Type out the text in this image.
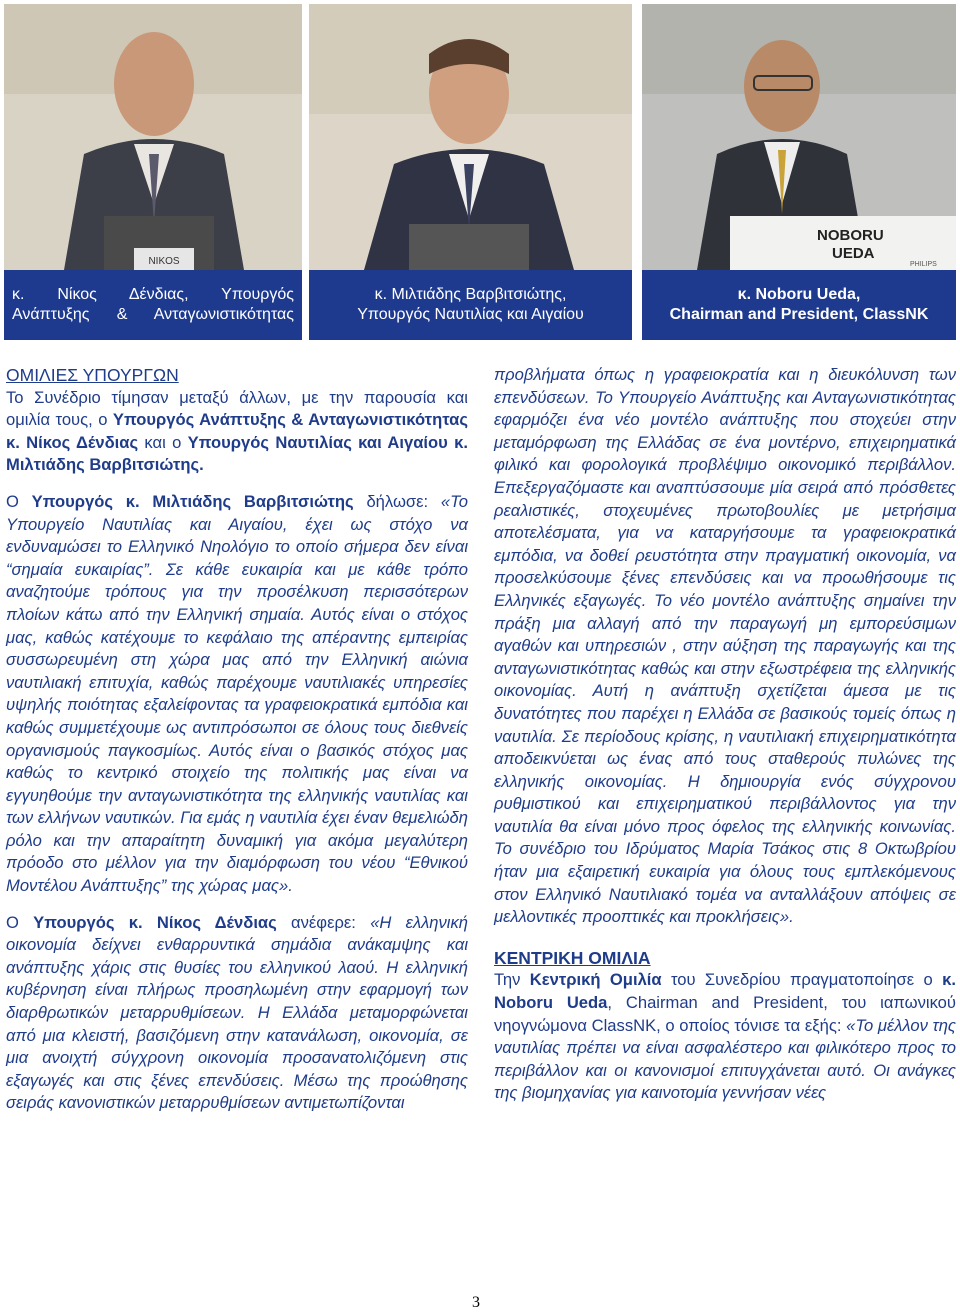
NIKOS
κ. Νίκος Δένδιας, Υπουργός
Ανάπτυξης & Ανταγωνιστικότητας
κ. Μιλτιάδης Βαρβιτσιώτης,
Υπουργός Ναυτιλίας και Αιγαίου
NOBORU
UEDA
PHILIPS
κ. Noboru Ueda,
Chairman and President, ClassNK

ΟΜΙΛΙΕΣ ΥΠΟΥΡΓΩΝ

Το Συνέδριο τίμησαν μεταξύ άλλων, με την παρουσία και ομιλία τους, ο Υπουργός Ανάπτυξης & Ανταγωνιστικότητας κ. Νίκος Δένδιας και ο Υπουργός Ναυτιλίας και Αιγαίου κ. Μιλτιάδης Βαρβιτσιώτης.

Ο Υπουργός κ. Μιλτιάδης Βαρβιτσιώτης δήλωσε: «Το Υπουργείο Ναυτιλίας και Αιγαίου, έχει ως στόχο να ενδυναμώσει το Ελληνικό Νηολόγιο το οποίο σήμερα δεν είναι “σημαία ευκαιρίας”. Σε κάθε ευκαιρία και με κάθε τρόπο αναζητούμε τρόπους για την προσέλκυση περισσότερων πλοίων κάτω από την Ελληνική σημαία. Αυτός είναι ο στόχος μας, καθώς κατέχουμε το κεφάλαιο της απέραντης εμπειρίας συσσωρευμένη στη χώρα μας από την Ελληνική αιώνια ναυτιλιακή επιτυχία, καθώς παρέχουμε ναυτιλιακές υπηρεσίες υψηλής ποιότητας εξαλείφοντας τα γραφειοκρατικά εμπόδια και καθώς συμμετέχουμε ως αντιπρόσωποι σε όλους τους διεθνείς οργανισμούς παγκοσμίως. Αυτός είναι ο βασικός στόχος μας καθώς το κεντρικό στοιχείο της πολιτικής μας είναι να εγγυηθούμε την ανταγωνιστικότητα της ελληνικής ναυτιλίας και των ελλήνων ναυτικών. Για εμάς η ναυτιλία έχει έναν θεμελιώδη ρόλο και την απαραίτητη δυναμική για ακόμα μεγαλύτερη πρόοδο στο μέλλον για την διαμόρφωση του νέου “Εθνικού Μοντέλου Ανάπτυξης” της χώρας μας».

Ο Υπουργός κ. Νίκος Δένδιας ανέφερε: «Η ελληνική οικονομία δείχνει ενθαρρυντικά σημάδια ανάκαμψης και ανάπτυξης χάρις στις θυσίες του ελληνικού λαού. Η ελληνική κυβέρνηση είναι πλήρως προσηλωμένη στην εφαρμογή των διαρθρωτικών μεταρρυθμίσεων. Η Ελλάδα μεταμορφώνεται από μια κλειστή, βασιζόμενη στην κατανάλωση, οικονομία, σε μια ανοιχτή σύγχρονη οικονομία προσανατολιζόμενη στις εξαγωγές και στις ξένες επενδύσεις. Μέσω της προώθησης σειράς κανονιστικών μεταρρυθμίσεων αντιμετωπίζονται

προβλήματα όπως η γραφειοκρατία και η διευκόλυνση των επενδύσεων. Το Υπουργείο Ανάπτυξης και Ανταγωνιστικότητας εφαρμόζει ένα νέο μοντέλο ανάπτυξης που στοχεύει στην μεταμόρφωση της Ελλάδας σε ένα μοντέρνο, επιχειρηματικά φιλικό και φορολογικά προβλέψιμο οικονομικό περιβάλλον. Επεξεργαζόμαστε και αναπτύσσουμε μία σειρά από πρόσθετες ρεαλιστικές, στοχευμένες πρωτοβουλίες με μετρήσιμα αποτελέσματα, για να καταργήσουμε τα γραφειοκρατικά εμπόδια, να δοθεί ρευστότητα στην πραγματική οικονομία, να προσελκύσουμε ξένες επενδύσεις και να προωθήσουμε τις Ελληνικές εξαγωγές. Το νέο μοντέλο ανάπτυξης σημαίνει την πράξη μια αλλαγή από την παραγωγή μη εμπορεύσιμων αγαθών και υπηρεσιών , στην αύξηση της παραγωγής και της ανταγωνιστικότητας καθώς και στην εξωστρέφεια της ελληνικής οικονομίας. Αυτή η ανάπτυξη σχετίζεται άμεσα με τις δυνατότητες που παρέχει η Ελλάδα σε βασικούς τομείς όπως η ναυτιλία. Σε περίοδους κρίσης, η ναυτιλιακή επιχειρηματικότητα αποδεικνύεται ως ένας από τους σταθερούς πυλώνες της ελληνικής οικονομίας. Η δημιουργία ενός σύγχρονου ρυθμιστικού και επιχειρηματικού περιβάλλοντος για την ναυτιλία θα είναι μόνο προς όφελος της ελληνικής κοινωνίας. Το συνέδριο του Ιδρύματος Μαρία Τσάκος στις 8 Οκτωβρίου ήταν μια εξαιρετική ευκαιρία για όλους τους εμπλεκόμενους στον Ελληνικό Ναυτιλιακό τομέα να ανταλλάξουν απόψεις σε μελλοντικές προοπτικές και προκλήσεις».

ΚΕΝΤΡΙΚΗ ΟΜΙΛΙΑ

Την Κεντρική Ομιλία του Συνεδρίου πραγματοποίησε ο κ. Noboru Ueda, Chairman and President, του ιαπωνικού νηογνώμονα ClassNK, ο οποίος τόνισε τα εξής: «Το μέλλον της ναυτιλίας πρέπει να είναι ασφαλέστερο και φιλικότερο προς το περιβάλλον και οι κανονισμοί επιτυγχάνεται αυτό. Οι ανάγκες της βιομηχανίας για καινοτομία γεννήσαν νέες

3
